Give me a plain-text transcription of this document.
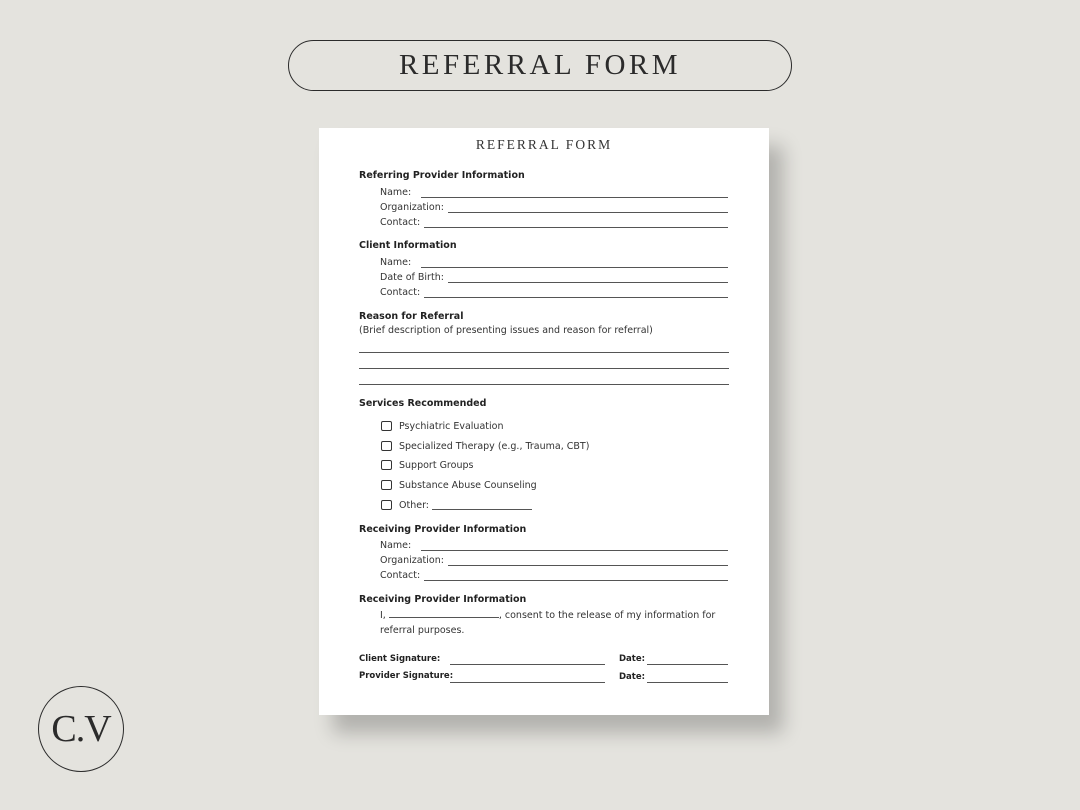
REFERRAL FORM
C.V
REFERRAL FORM
Referring Provider Information
Name:
Organization:
Contact:
Client Information
Name:
Date of Birth:
Contact:
Reason for Referral
(Brief description of presenting issues and reason for referral)
Services Recommended
Psychiatric Evaluation
Specialized Therapy (e.g., Trauma, CBT)
Support Groups
Substance Abuse Counseling
Other:
Receiving Provider Information
Name:
Organization:
Contact:
Receiving Provider Information
I,	, consent to the release of my information for referral purposes.
Client Signature:	Date:
Provider Signature:	Date:
